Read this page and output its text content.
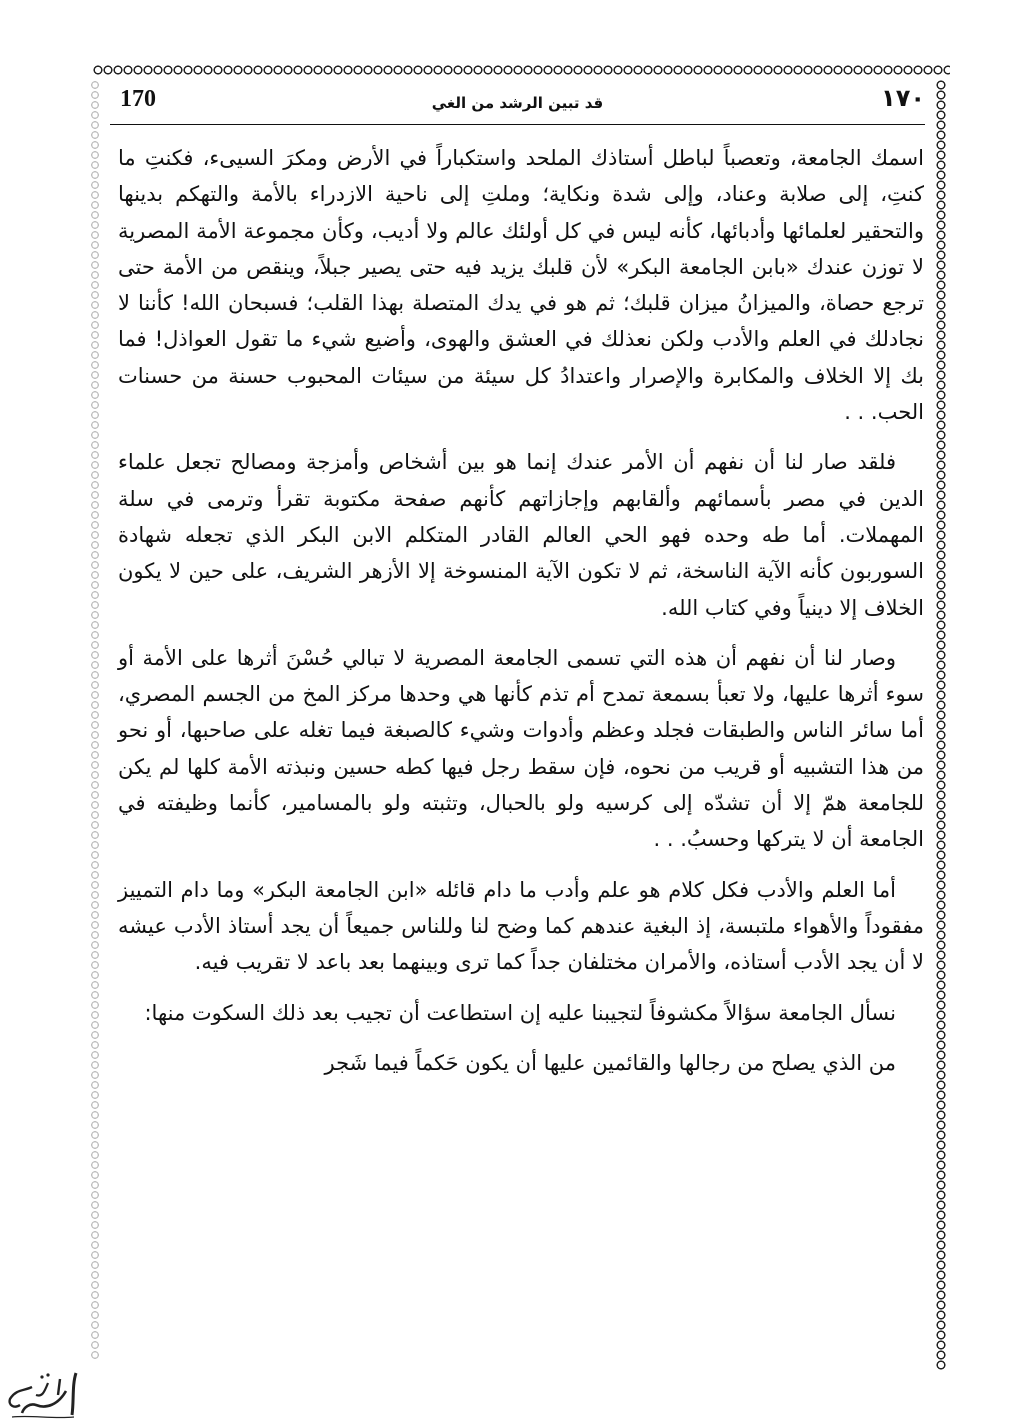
170	قد تبين الرشد من الغي	١٧٠

اسمك الجامعة، وتعصباً لباطل أستاذك الملحد واستكباراً في الأرض ومكرَ السيىء، فكنتِ ما كنتِ، إلى صلابة وعناد، وإلى شدة ونكاية؛ وملتِ إلى ناحية الازدراء بالأمة والتهكم بدينها والتحقير لعلمائها وأدبائها، كأنه ليس في كل أولئك عالم ولا أديب، وكأن مجموعة الأمة المصرية لا توزن عندك «بابن الجامعة البكر» لأن قلبك يزيد فيه حتى يصير جبلاً، وينقص من الأمة حتى ترجع حصاة، والميزانُ ميزان قلبك؛ ثم هو في يدك المتصلة بهذا القلب؛ فسبحان الله! كأننا لا نجادلك في العلم والأدب ولكن نعذلك في العشق والهوى، وأضيع شيء ما تقول العواذل! فما بك إلا الخلاف والمكابرة والإصرار واعتدادُ كل سيئة من سيئات المحبوب حسنة من حسنات الحب. . .

فلقد صار لنا أن نفهم أن الأمر عندك إنما هو بين أشخاص وأمزجة ومصالح تجعل علماء الدين في مصر بأسمائهم وألقابهم وإجازاتهم كأنهم صفحة مكتوبة تقرأ وترمى في سلة المهملات. أما طه وحده فهو الحي العالم القادر المتكلم الابن البكر الذي تجعله شهادة السوربون كأنه الآية الناسخة، ثم لا تكون الآية المنسوخة إلا الأزهر الشريف، على حين لا يكون الخلاف إلا دينياً وفي كتاب الله.

وصار لنا أن نفهم أن هذه التي تسمى الجامعة المصرية لا تبالي حُسْنَ أثرها على الأمة أو سوء أثرها عليها، ولا تعبأ بسمعة تمدح أم تذم كأنها هي وحدها مركز المخ من الجسم المصري، أما سائر الناس والطبقات فجلد وعظم وأدوات وشيء كالصبغة فيما تغله على صاحبها، أو نحو من هذا التشبيه أو قريب من نحوه، فإن سقط رجل فيها كطه حسين ونبذته الأمة كلها لم يكن للجامعة همّ إلا أن تشدّه إلى كرسيه ولو بالحبال، وتثبته ولو بالمسامير، كأنما وظيفته في الجامعة أن لا يتركها وحسبُ. . .

أما العلم والأدب فكل كلام هو علم وأدب ما دام قائله «ابن الجامعة البكر» وما دام التمييز مفقوداً والأهواء ملتبسة، إذ البغية عندهم كما وضح لنا وللناس جميعاً أن يجد أستاذ الأدب عيشه لا أن يجد الأدب أستاذه، والأمران مختلفان جداً كما ترى وبينهما بعد باعد لا تقريب فيه.

نسأل الجامعة سؤالاً مكشوفاً لتجيبنا عليه إن استطاعت أن تجيب بعد ذلك السكوت منها:

من الذي يصلح من رجالها والقائمين عليها أن يكون حَكماً فيما شَجر
